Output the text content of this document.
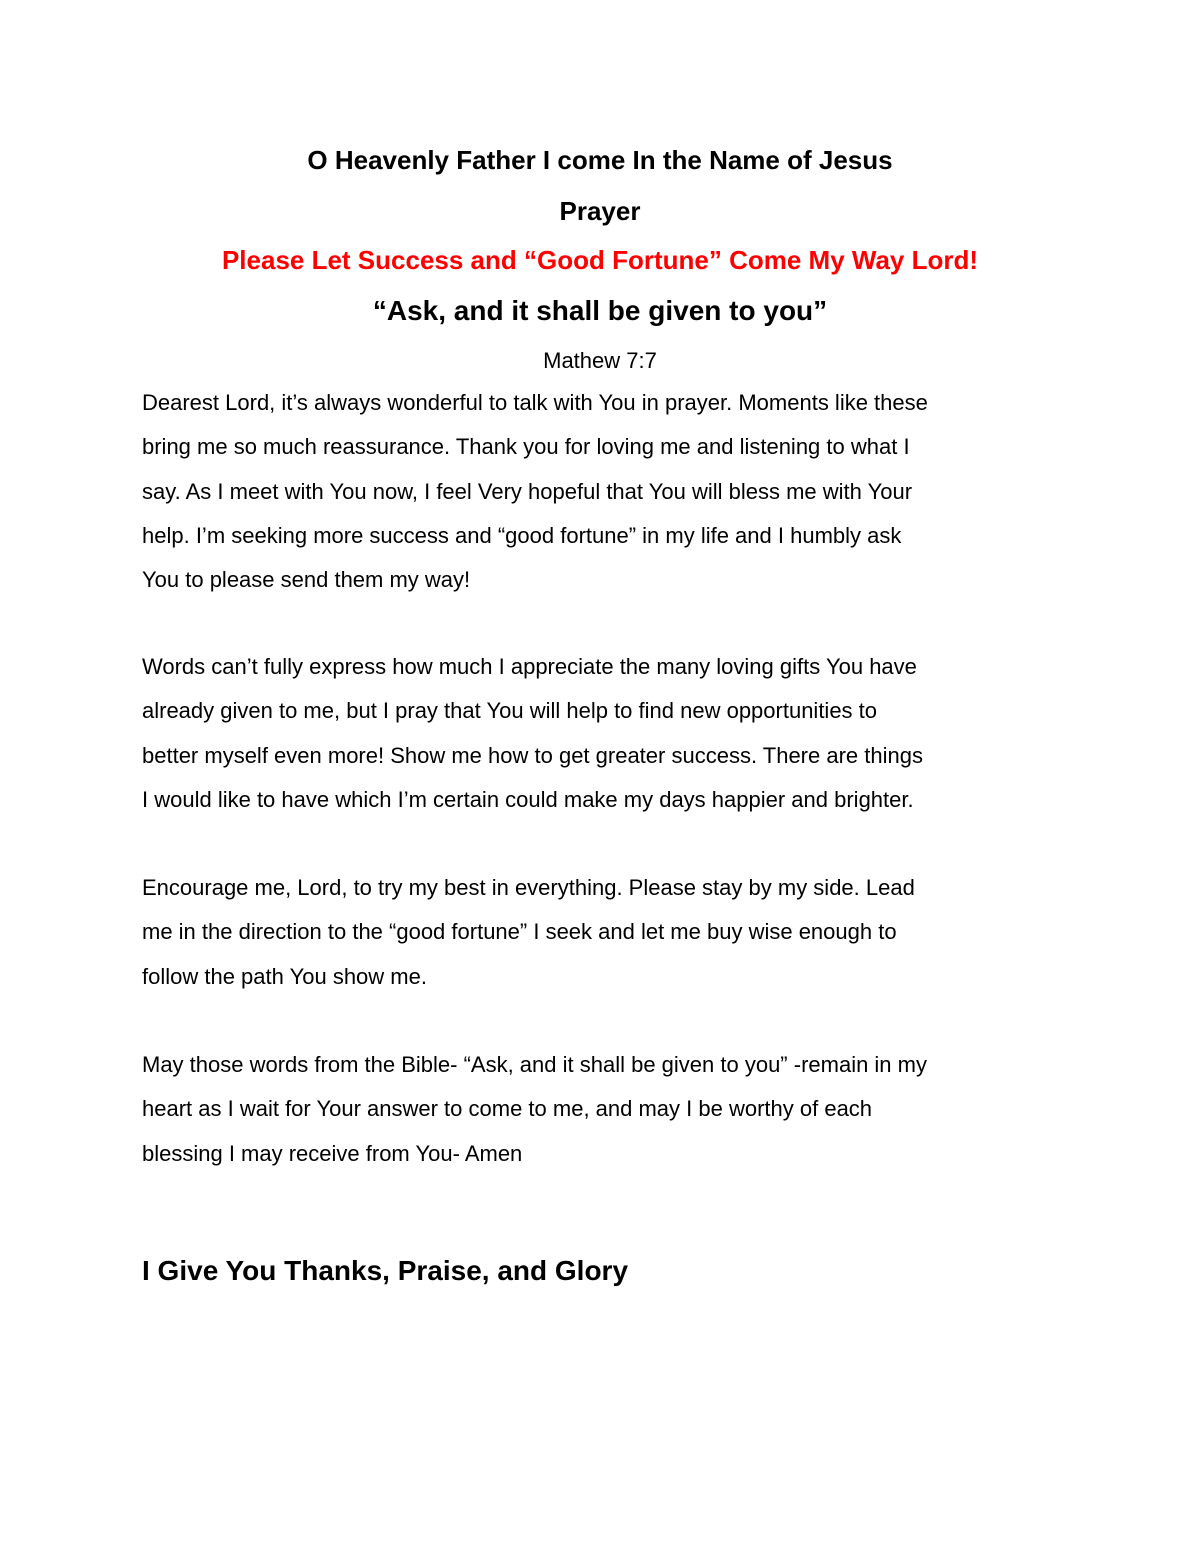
O Heavenly Father I come In the Name of Jesus

Prayer

Please Let Success and “Good Fortune” Come My Way Lord!

“Ask, and it shall be given to you”

Mathew 7:7

Dearest Lord, it’s always wonderful to talk with You in prayer. Moments like these
bring me so much reassurance. Thank you for loving me and listening to what I
say. As I meet with You now, I feel Very hopeful that You will bless me with Your
help. I’m seeking more success and “good fortune” in my life and I humbly ask
You to please send them my way!
Words can’t fully express how much I appreciate the many loving gifts You have
already given to me, but I pray that You will help to find new opportunities to
better myself even more! Show me how to get greater success. There are things
I would like to have which I’m certain could make my days happier and brighter.
Encourage me, Lord, to try my best in everything. Please stay by my side. Lead
me in the direction to the “good fortune” I seek and let me buy wise enough to
follow the path You show me.
May those words from the Bible- “Ask, and it shall be given to you” -remain in my
heart as I wait for Your answer to come to me, and may I be worthy of each
blessing I may receive from You- Amen

I Give You Thanks, Praise, and Glory
